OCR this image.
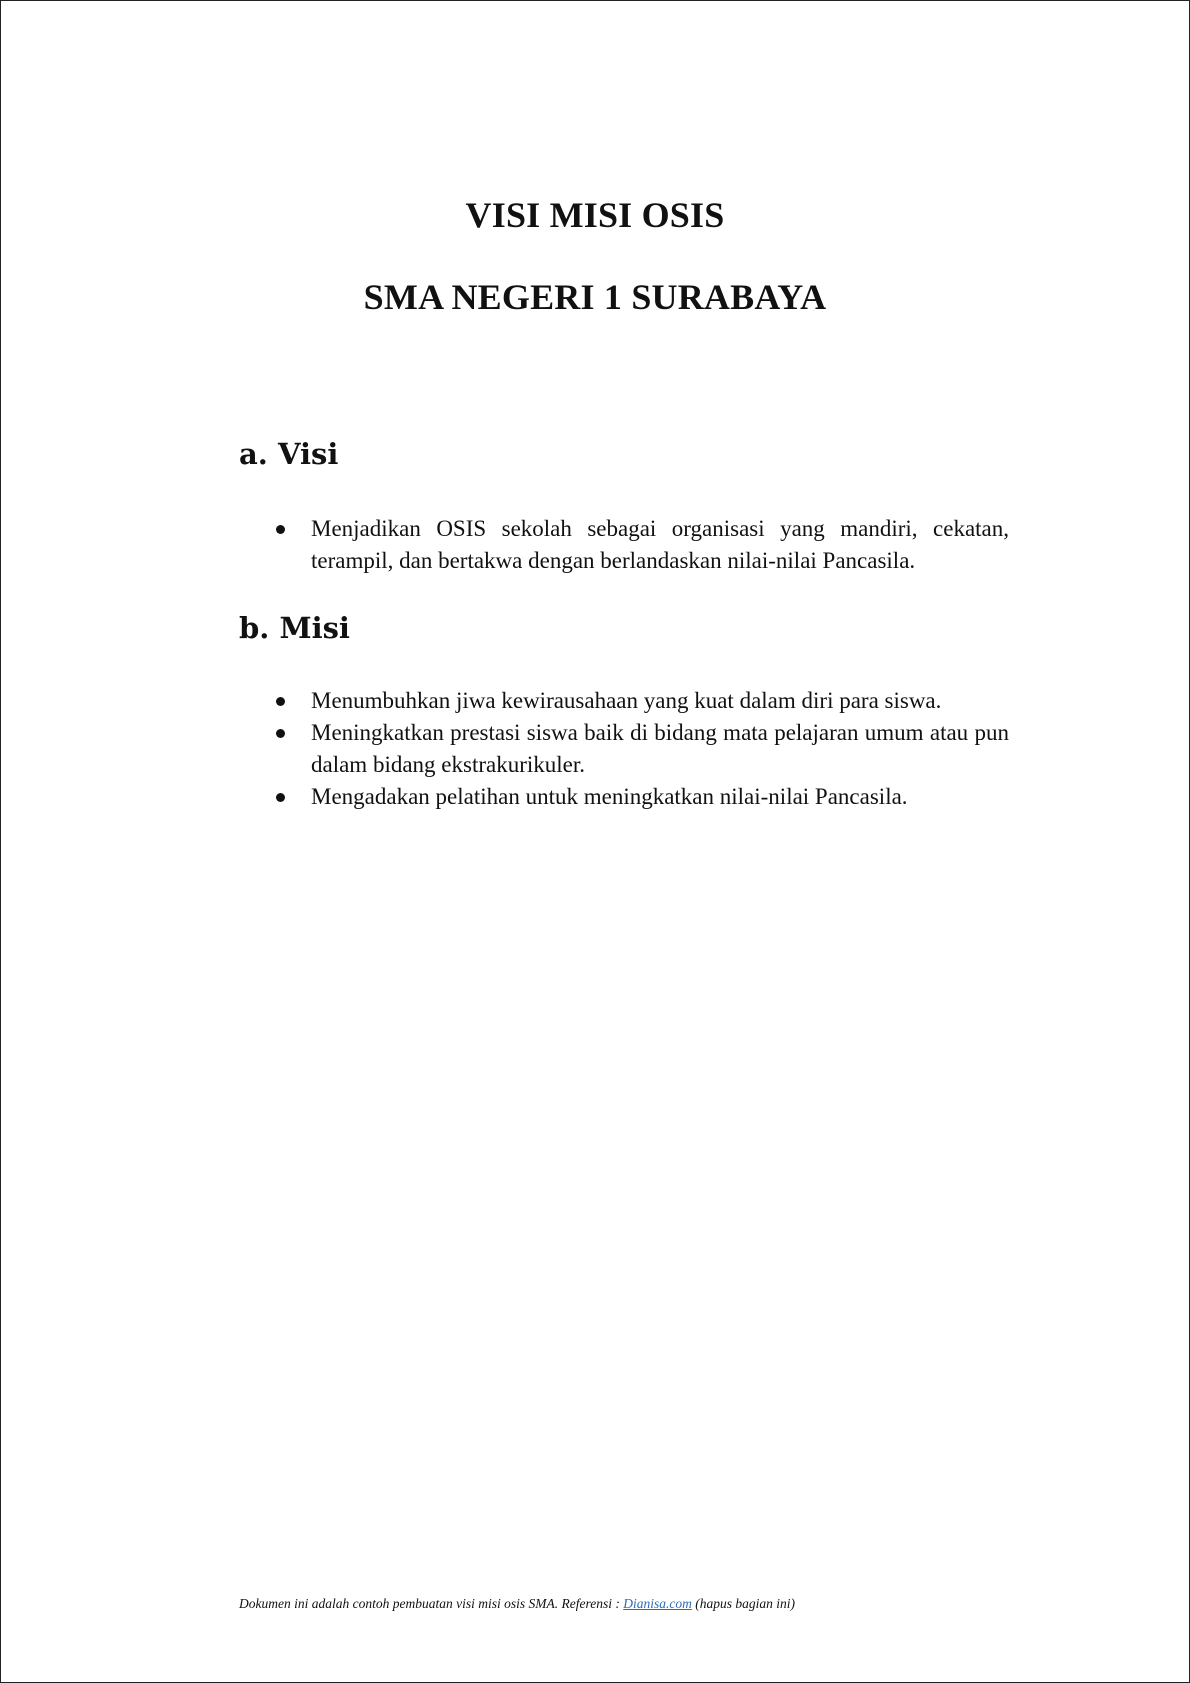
VISI MISI OSIS
SMA NEGERI 1 SURABAYA
a. Visi
Menjadikan OSIS sekolah sebagai organisasi yang mandiri, cekatan, terampil, dan bertakwa dengan berlandaskan nilai-nilai Pancasila.
b. Misi
Menumbuhkan jiwa kewirausahaan yang kuat dalam diri para siswa.
Meningkatkan prestasi siswa baik di bidang mata pelajaran umum atau pun dalam bidang ekstrakurikuler.
Mengadakan pelatihan untuk meningkatkan nilai-nilai Pancasila.
Dokumen ini adalah contoh pembuatan visi misi osis SMA. Referensi : Dianisa.com (hapus bagian ini)
